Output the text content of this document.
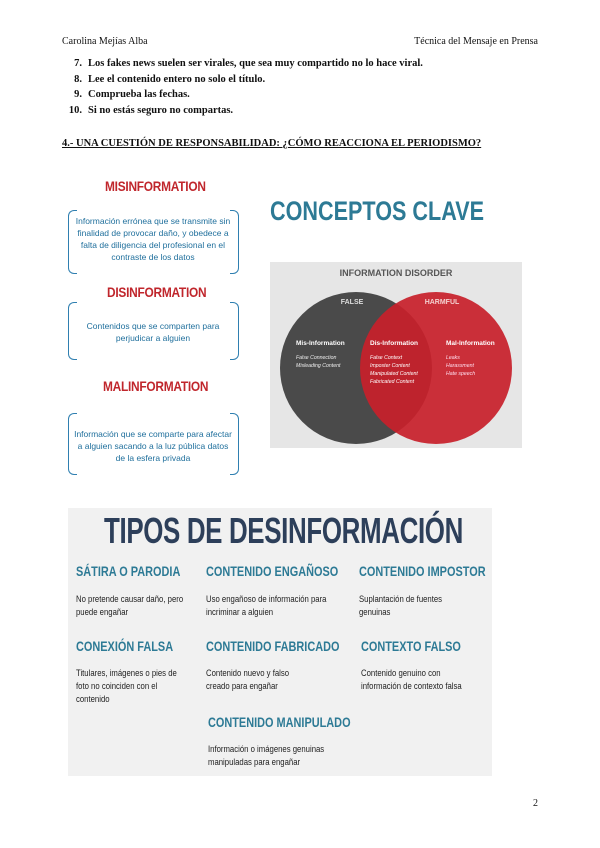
Carolina Mejías Alba	Técnica del Mensaje en Prensa
7. Los fakes news suelen ser virales, que sea muy compartido no lo hace viral.
8. Lee el contenido entero no solo el título.
9. Comprueba las fechas.
10. Si no estás seguro no compartas.
4.- UNA CUESTIÓN DE RESPONSABILIDAD: ¿CÓMO REACCIONA EL PERIODISMO?
MISINFORMATION
Información errónea que se transmite sin finalidad de provocar daño, y obedece a falta de diligencia del profesional en el contraste de los datos
DISINFORMATION
Contenidos que se comparten para perjudicar a alguien
MALINFORMATION
Información que se comparte para afectar a alguien sacando a la luz pública datos de la esfera privada
CONCEPTOS CLAVE
INFORMATION DISORDER
FALSE	HARMFUL
Mis-Information
False Connection
Misleading Content
Dis-Information
False Context
Imposter Content
Manipulated Content
Fabricated Content
Mal-Information
Leaks
Harassment
Hate speech
TIPOS DE DESINFORMACIÓN
SÁTIRA O PARODIA
No pretende causar daño, pero puede engañar
CONTENIDO ENGAÑOSO
Uso engañoso de información para incriminar a alguien
CONTENIDO IMPOSTOR
Suplantación de fuentes genuinas
CONEXIÓN FALSA
Titulares, imágenes o pies de foto no coinciden con el contenido
CONTENIDO FABRICADO
Contenido nuevo y falso creado para engañar
CONTEXTO FALSO
Contenido genuino con información de contexto falsa
CONTENIDO MANIPULADO
Información o imágenes genuinas manipuladas para engañar
2
